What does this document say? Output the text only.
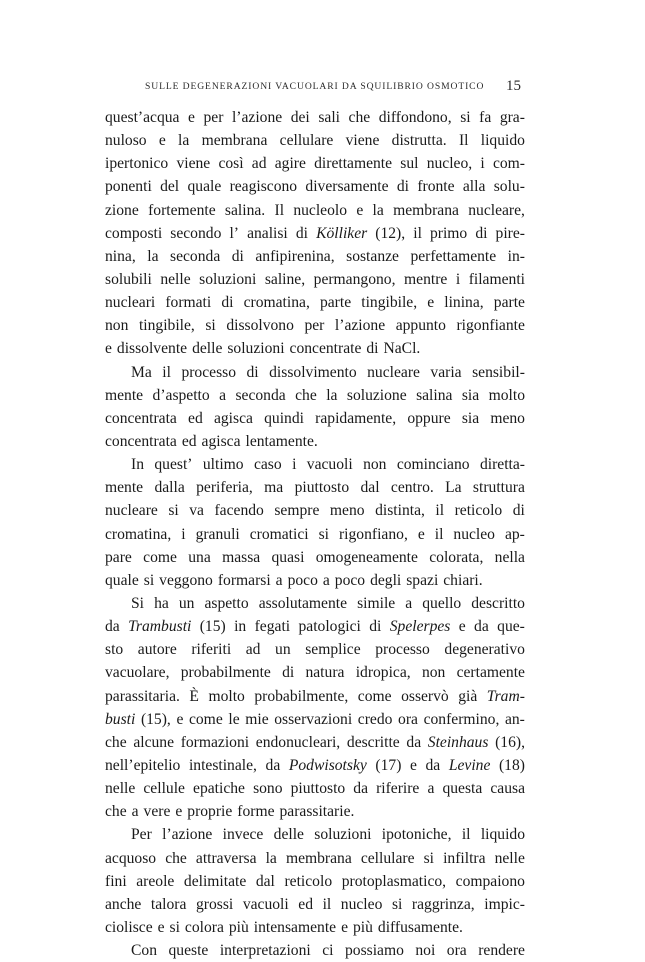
SULLE DEGENERAZIONI VACUOLARI DA SQUILIBRIO OSMOTICO 15
quest’acqua e per l’azione dei sali che diffondono, si fa gra-
nuloso e la membrana cellulare viene distrutta. Il liquido
ipertonico viene così ad agire direttamente sul nucleo, i com-
ponenti del quale reagiscono diversamente di fronte alla solu-
zione fortemente salina. Il nucleolo e la membrana nucleare,
composti secondo l’ analisi di Kölliker (12), il primo di pire-
nina, la seconda di anfipirenina, sostanze perfettamente in-
solubili nelle soluzioni saline, permangono, mentre i filamenti
nucleari formati di cromatina, parte tingibile, e linina, parte
non tingibile, si dissolvono per l’azione appunto rigonfiante
e dissolvente delle soluzioni concentrate di NaCl.
Ma il processo di dissolvimento nucleare varia sensibil-
mente d’aspetto a seconda che la soluzione salina sia molto
concentrata ed agisca quindi rapidamente, oppure sia meno
concentrata ed agisca lentamente.
In quest’ ultimo caso i vacuoli non cominciano diretta-
mente dalla periferia, ma piuttosto dal centro. La struttura
nucleare si va facendo sempre meno distinta, il reticolo di
cromatina, i granuli cromatici si rigonfiano, e il nucleo ap-
pare come una massa quasi omogeneamente colorata, nella
quale si veggono formarsi a poco a poco degli spazi chiari.
Si ha un aspetto assolutamente simile a quello descritto
da Trambusti (15) in fegati patologici di Spelerpes e da que-
sto autore riferiti ad un semplice processo degenerativo
vacuolare, probabilmente di natura idropica, non certamente
parassitaria. È molto probabilmente, come osservò già Tram-
busti (15), e come le mie osservazioni credo ora confermino, an-
che alcune formazioni endonucleari, descritte da Steinhaus (16),
nell’epitelio intestinale, da Podwisotsky (17) e da Levine (18)
nelle cellule epatiche sono piuttosto da riferire a questa causa
che a vere e proprie forme parassitarie.
Per l’azione invece delle soluzioni ipotoniche, il liquido
acquoso che attraversa la membrana cellulare si infiltra nelle
fini areole delimitate dal reticolo protoplasmatico, compaiono
anche talora grossi vacuoli ed il nucleo si raggrinza, impic-
ciolisce e si colora più intensamente e più diffusamente.
Con queste interpretazioni ci possiamo noi ora rendere
